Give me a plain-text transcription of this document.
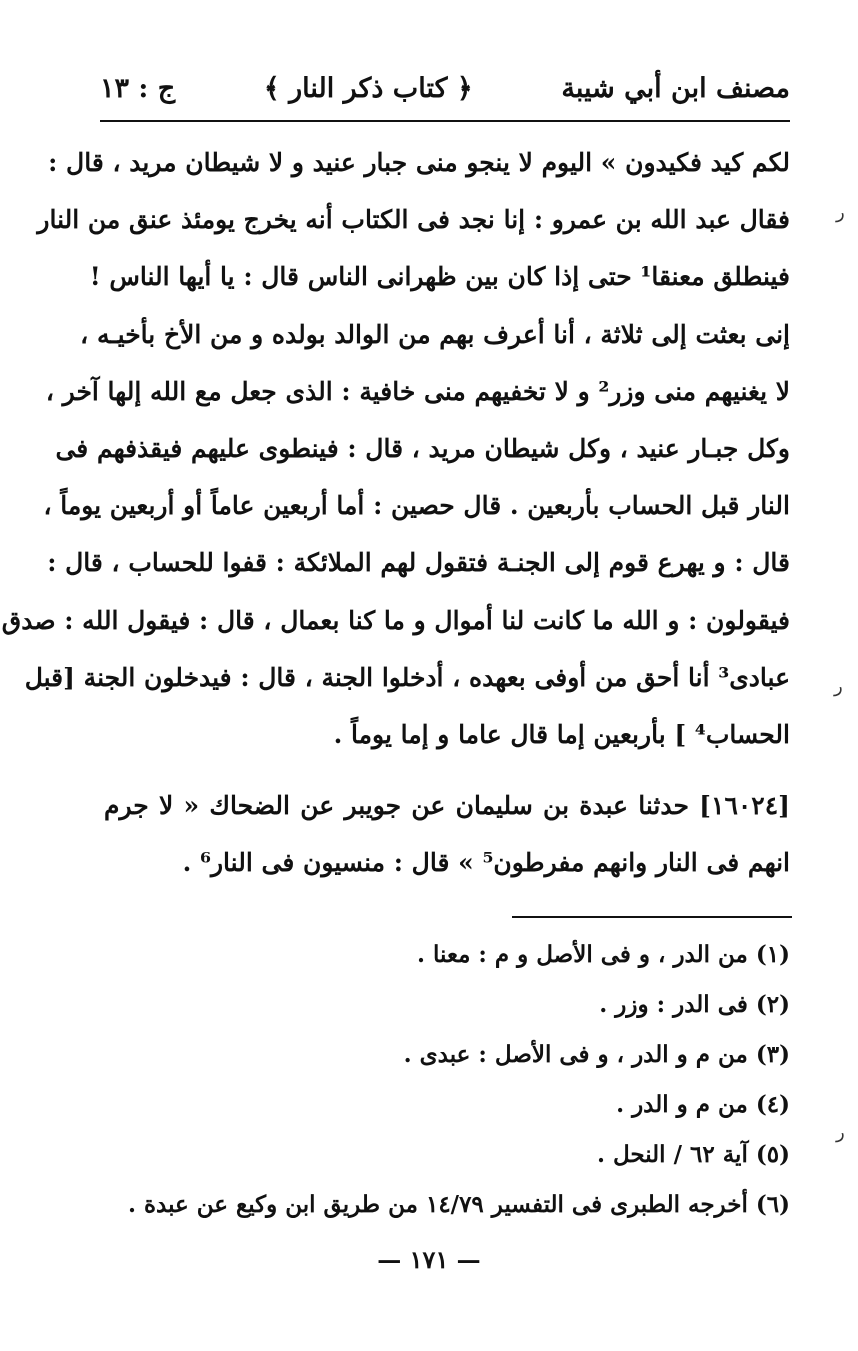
مصنف ابن أبي شيبة
﴿ كتاب ذكر النار ﴾
ج : ١٣
ﺭ
ﺭ
ﺭ
لكم كيد فكيدون » اليوم لا ينجو منى جبار عنيد و لا شيطان مريد ، قال :
فقال عبد الله بن عمرو : إنا نجد فى الكتاب أنه يخرج يومئذ عنق من النار
فينطلق معنقا¹ حتى إذا كان بين ظهرانى الناس قال : يا أيها الناس !
إنى بعثت إلى ثلاثة ، أنا أعرف بهم من الوالد بولده و من الأخ بأخيـه ،
لا يغنيهم منى وزر² و لا تخفيهم منى خافية : الذى جعل مع الله إلها آخر ،
وكل جبـار عنيد ، وكل شيطان مريد ، قال : فينطوى عليهم فيقذفهم فى
النار قبل الحساب بأربعين . قال حصين : أما أربعين عاماً أو أربعين يوماً ،
قال : و يهرع قوم إلى الجنـة فتقول لهم الملائكة : قفوا للحساب ، قال :
فيقولون : و الله ما كانت لنا أموال و ما كنا بعمال ، قال : فيقول الله : صدق
عبادى³ أنا أحق من أوفى بعهده ، أدخلوا الجنة ، قال : فيدخلون الجنة [قبل
الحساب⁴ ] بأربعين إما قال عاما و إما يوماً .
[١٦٠٢٤] حدثنا عبدة بن سليمان عن جويبر عن الضحاك « لا جرم
انهم فى النار وانهم مفرطون⁵ » قال : منسيون فى النار⁶ .
(١) من الدر ، و فى الأصل و م : معنا .
(٢) فى الدر : وزر .
(٣) من م و الدر ، و فى الأصل : عبدى .
(٤) من م و الدر .
(٥) آية ٦٢ / النحل .
(٦) أخرجه الطبرى فى التفسير ١٤/٧٩ من طريق ابن وكيع عن عبدة .
— ١٧١ —
